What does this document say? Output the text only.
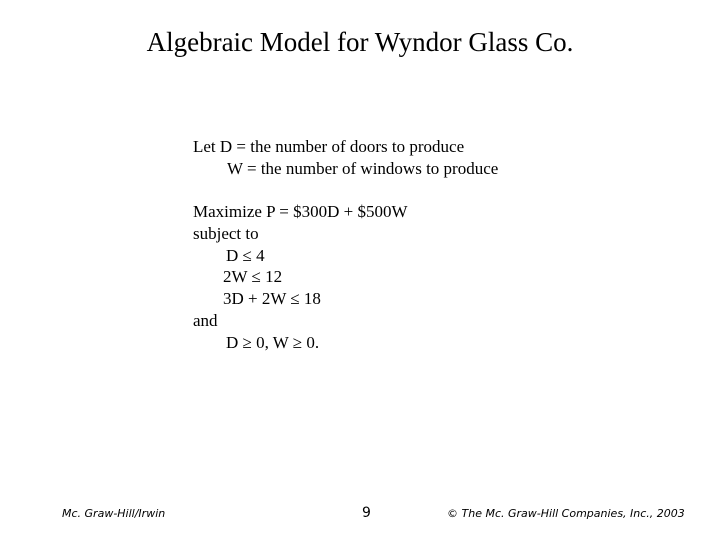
Algebraic Model for Wyndor Glass Co.
Let D = the number of doors to produce
W = the number of windows to produce
Maximize P = $300D + $500W
subject to
D ≤ 4
2W ≤ 12
3D + 2W ≤ 18
and
D ≥ 0, W ≥ 0.
Mc. Graw-Hill/Irwin	9	© The Mc. Graw-Hill Companies, Inc., 2003
